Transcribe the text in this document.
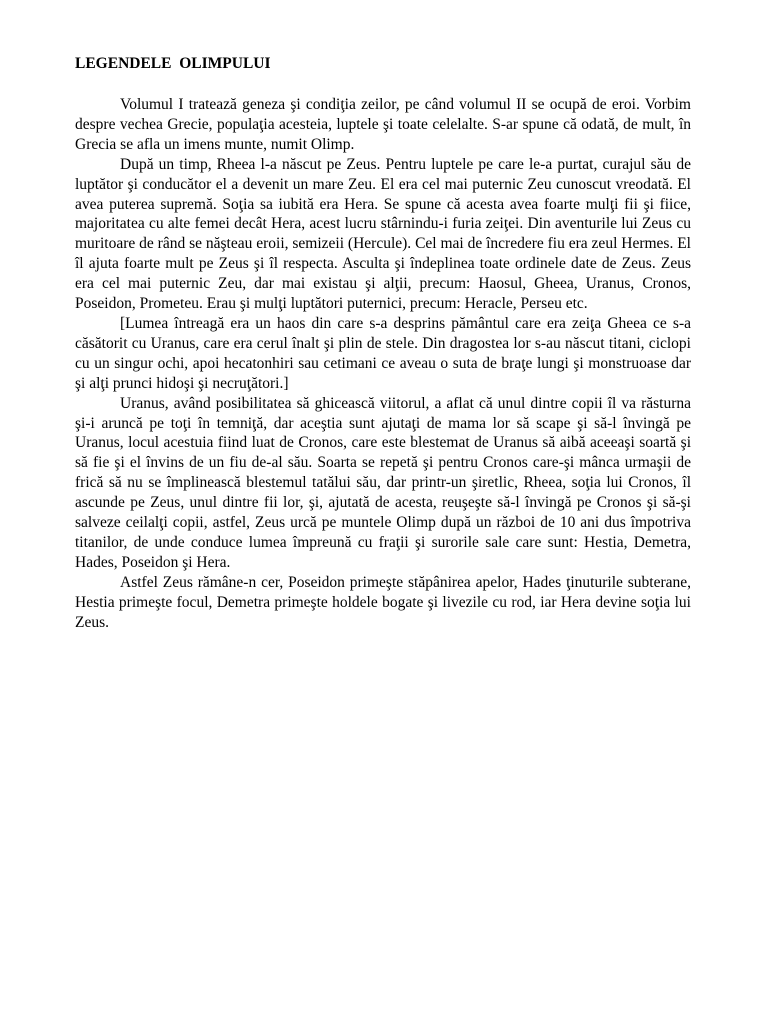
LEGENDELE  OLIMPULUI

Volumul I tratează geneza şi condiţia zeilor, pe când volumul II se ocupă de eroi. Vorbim despre vechea Grecie, populaţia acesteia, luptele şi toate celelalte. S-ar spune că odată, de mult, în Grecia se afla un imens munte, numit Olimp.

După un timp, Rheea l-a născut pe Zeus. Pentru luptele pe care le-a purtat, curajul său de luptător şi conducător el a devenit un mare Zeu. El era cel mai puternic Zeu cunoscut vreodată. El avea puterea supremă. Soţia sa iubită era Hera. Se spune că acesta avea foarte mulţi fii şi fiice, majoritatea cu alte femei decât Hera, acest lucru stârnindu-i furia zeiţei. Din aventurile lui Zeus cu muritoare de rând se năşteau eroii, semizeii (Hercule). Cel mai de încredere fiu era zeul Hermes. El îl ajuta foarte mult pe Zeus şi îl respecta. Asculta şi îndeplinea toate ordinele date de Zeus. Zeus era cel mai puternic Zeu, dar mai existau şi alţii, precum: Haosul, Gheea, Uranus, Cronos, Poseidon, Prometeu. Erau şi mulţi luptători puternici, precum: Heracle, Perseu etc.

[Lumea întreagă era un haos din care s-a desprins pământul care era zeiţa Gheea ce s-a căsătorit cu Uranus, care era cerul înalt şi plin de stele. Din dragostea lor s-au născut titani, ciclopi cu un singur ochi, apoi hecatonhiri sau cetimani ce aveau o suta de braţe lungi şi monstruoase dar şi alţi prunci hidoşi şi necruţători.]

Uranus, având posibilitatea să ghicească viitorul, a aflat că unul dintre copii îl va răsturna şi-i aruncă pe toţi în temniţă, dar aceştia sunt ajutaţi de mama lor să scape şi să-l învingă pe Uranus, locul acestuia fiind luat de Cronos, care este blestemat de Uranus să aibă aceeaşi soartă şi să fie şi el învins de un fiu de-al său. Soarta se repetă şi pentru Cronos care-şi mânca urmaşii de frică să nu se împlinească blestemul tatălui său, dar printr-un şiretlic, Rheea, soţia lui Cronos, îl ascunde pe Zeus, unul dintre fii lor, şi, ajutată de acesta, reuşeşte să-l învingă pe Cronos şi să-şi salveze ceilalţi copii, astfel, Zeus urcă pe muntele Olimp după un război de 10 ani dus împotriva titanilor, de unde conduce lumea împreună cu fraţii şi surorile sale care sunt: Hestia, Demetra, Hades, Poseidon şi Hera.

Astfel Zeus rămâne-n cer, Poseidon primeşte stăpânirea apelor, Hades ţinuturile subterane, Hestia primeşte focul, Demetra primeşte holdele bogate şi livezile cu rod, iar Hera devine soţia lui Zeus.
